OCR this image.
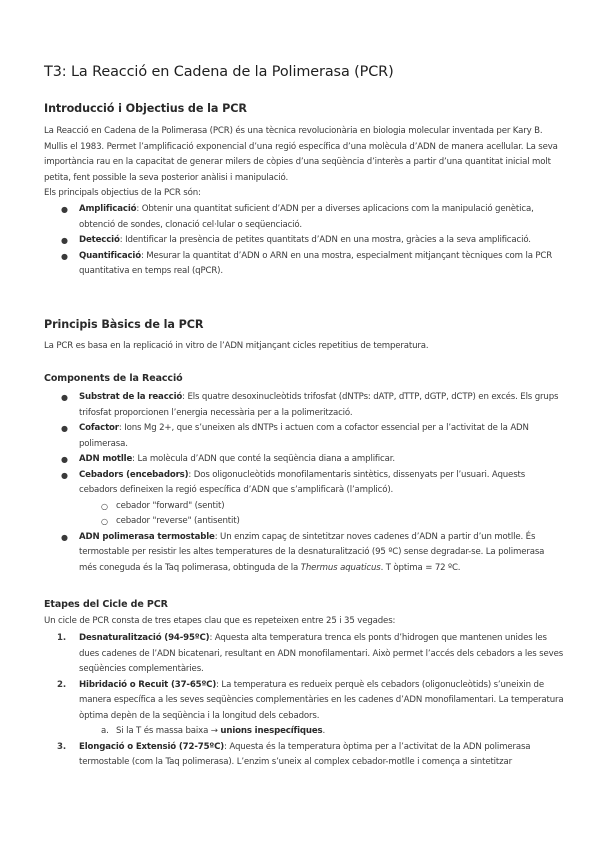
T3: La Reacció en Cadena de la Polimerasa (PCR)
Introducció i Objectius de la PCR

La Reacció en Cadena de la Polimerasa (PCR) és una tècnica revolucionària en biologia molecular inventada per Kary B. Mullis el 1983. Permet l’amplificació exponencial d’una regió específica d’una molècula d’ADN de manera acellular. La seva importància rau en la capacitat de generar milers de còpies d’una seqüència d’interès a partir d’una quantitat inicial molt petita, fent possible la seva posterior anàlisi i manipulació.

Els principals objectius de la PCR són:

● Amplificació: Obtenir una quantitat suficient d’ADN per a diverses aplicacions com la manipulació genètica, obtenció de sondes, clonació cel·lular o seqüenciació.
● Detecció: Identificar la presència de petites quantitats d’ADN en una mostra, gràcies a la seva amplificació.
● Quantificació: Mesurar la quantitat d’ADN o ARN en una mostra, especialment mitjançant tècniques com la PCR quantitativa en temps real (qPCR).
Principis Bàsics de la PCR

La PCR es basa en la replicació in vitro de l’ADN mitjançant cicles repetitius de temperatura.

Components de la Reacció
● Substrat de la reacció: Els quatre desoxinucleòtids trifosfat (dNTPs: dATP, dTTP, dGTP, dCTP) en excés. Els grups trifosfat proporcionen l’energia necessària per a la polimerització.
● Cofactor: Ions Mg 2+, que s’uneixen als dNTPs i actuen com a cofactor essencial per a l’activitat de la ADN polimerasa.
● ADN motlle: La molècula d’ADN que conté la seqüència diana a amplificar.
● Cebadors (encebadors): Dos oligonucleòtids monofilamentaris sintètics, dissenyats per l’usuari. Aquests cebadors defineixen la regió específica d’ADN que s’amplificarà (l’amplicó).
○ cebador "forward" (sentit)
○ cebador "reverse" (antisentit)
● ADN polimerasa termostable: Un enzim capaç de sintetitzar noves cadenes d’ADN a partir d’un motlle. És termostable per resistir les altes temperatures de la desnaturalització (95 ºC) sense degradar-se. La polimerasa més coneguda és la Taq polimerasa, obtinguda de la Thermus aquaticus. T òptima = 72 ºC.
Etapes del Cicle de PCR

Un cicle de PCR consta de tres etapes clau que es repeteixen entre 25 i 35 vegades:

1. Desnaturalització (94-95ºC): Aquesta alta temperatura trenca els ponts d’hidrogen que mantenen unides les dues cadenes de l’ADN bicatenari, resultant en ADN monofilamentari. Això permet l’accés dels cebadors a les seves seqüències complementàries.
2. Hibridació o Recuit (37-65ºC): La temperatura es redueix perquè els cebadors (oligonucleòtids) s’uneixin de manera específica a les seves seqüències complementàries en les cadenes d’ADN monofilamentari. La temperatura òptima depèn de la seqüència i la longitud dels cebadors.
a. Si la T és massa baixa → unions inespecífiques.
3. Elongació o Extensió (72-75ºC): Aquesta és la temperatura òptima per a l’activitat de la ADN polimerasa termostable (com la Taq polimerasa). L’enzim s’uneix al complex cebador-motlle i comença a sintetitzar
